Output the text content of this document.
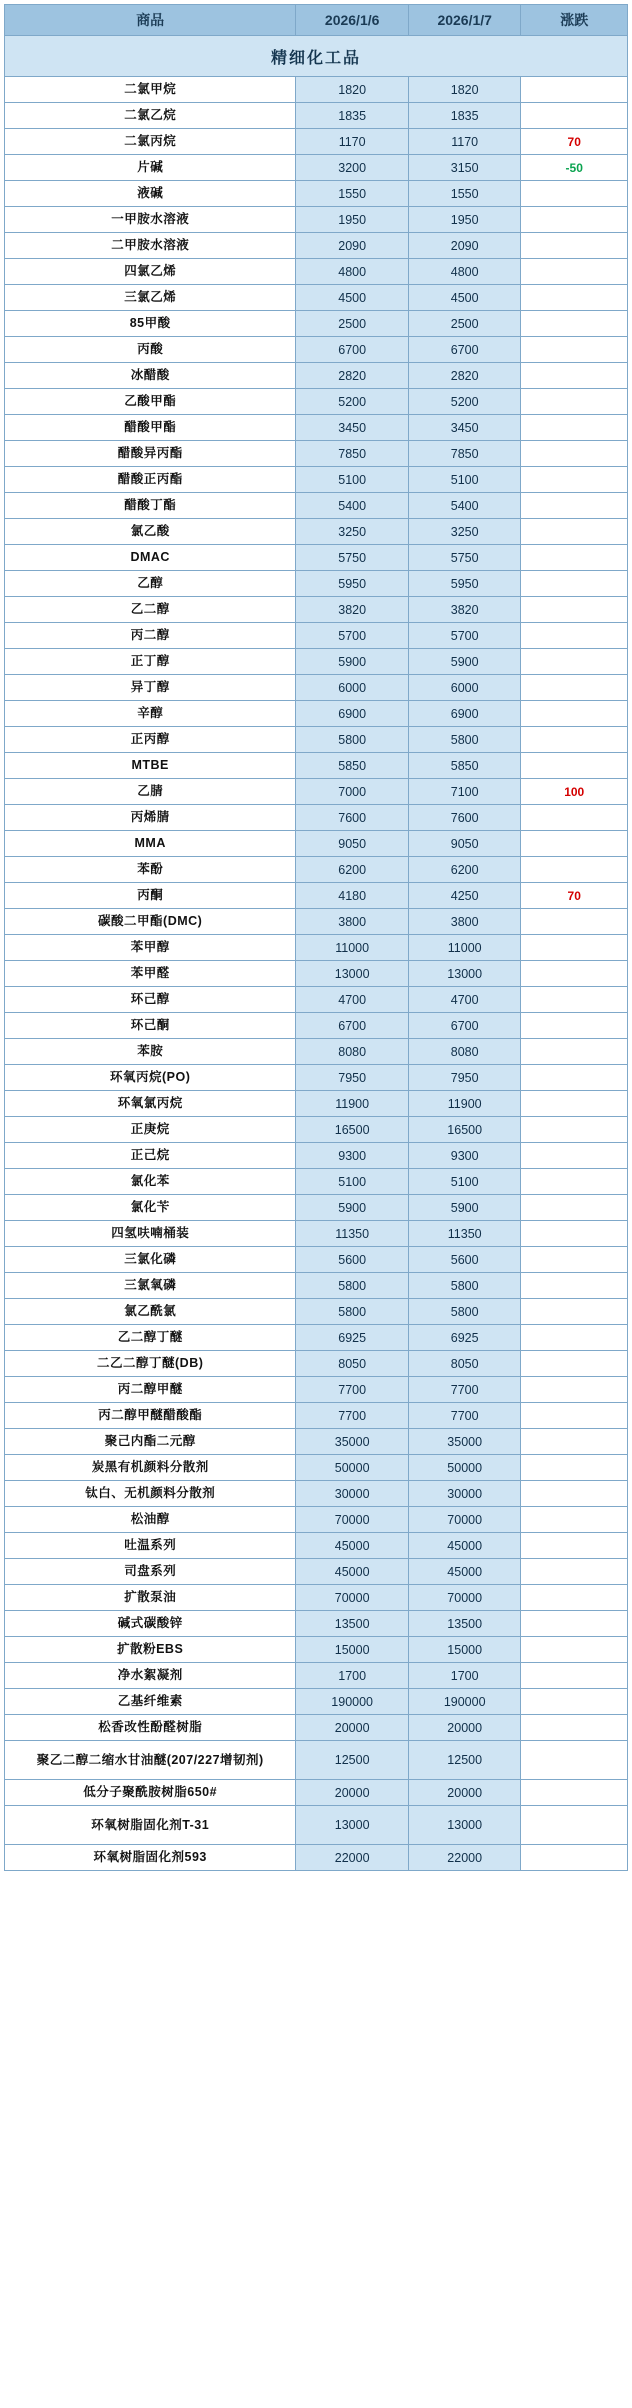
商品	2026/1/6	2026/1/7	涨跌
精细化工品			

二氯甲烷	1820	1820	

二氯乙烷	1835	1835	

二氯丙烷	1170	1170	70

片碱	3200	3150	-50

液碱	1550	1550	

一甲胺水溶液	1950	1950	

二甲胺水溶液	2090	2090	

四氯乙烯	4800	4800	

三氯乙烯	4500	4500	

85甲酸	2500	2500	

丙酸	6700	6700	

冰醋酸	2820	2820	

乙酸甲酯	5200	5200	

醋酸甲酯	3450	3450	

醋酸异丙酯	7850	7850	

醋酸正丙酯	5100	5100	

醋酸丁酯	5400	5400	

氯乙酸	3250	3250	

DMAC	5750	5750	

乙醇	5950	5950	

乙二醇	3820	3820	

丙二醇	5700	5700	

正丁醇	5900	5900	

异丁醇	6000	6000	

辛醇	6900	6900	

正丙醇	5800	5800	

MTBE	5850	5850	

乙腈	7000	7100	100

丙烯腈	7600	7600	

MMA	9050	9050	

苯酚	6200	6200	

丙酮	4180	4250	70

碳酸二甲酯(DMC)	3800	3800	

苯甲醇	11000	11000	

苯甲醛	13000	13000	

环己醇	4700	4700	

环己酮	6700	6700	

苯胺	8080	8080	

环氧丙烷(PO)	7950	7950	

环氧氯丙烷	11900	11900	

正庚烷	16500	16500	

正己烷	9300	9300	

氯化苯	5100	5100	

氯化苄	5900	5900	

四氢呋喃桶装	11350	11350	

三氯化磷	5600	5600	

三氯氧磷	5800	5800	

氯乙酰氯	5800	5800	

乙二醇丁醚	6925	6925	

二乙二醇丁醚(DB)	8050	8050	

丙二醇甲醚	7700	7700	

丙二醇甲醚醋酸酯	7700	7700	

聚己内酯二元醇	35000	35000	

炭黑有机颜料分散剂	50000	50000	

钛白、无机颜料分散剂	30000	30000	

松油醇	70000	70000	

吐温系列	45000	45000	

司盘系列	45000	45000	

扩散泵油	70000	70000	

碱式碳酸锌	13500	13500	

扩散粉EBS	15000	15000	

净水絮凝剂	1700	1700	

乙基纤维素	190000	190000	

松香改性酚醛树脂	20000	20000	

聚乙二醇二缩水甘油醚(207/227增韧剂)	12500	12500	

低分子聚酰胺树脂650#	20000	20000	

环氧树脂固化剂T-31	13000	13000	

环氧树脂固化剂593	22000	22000	
